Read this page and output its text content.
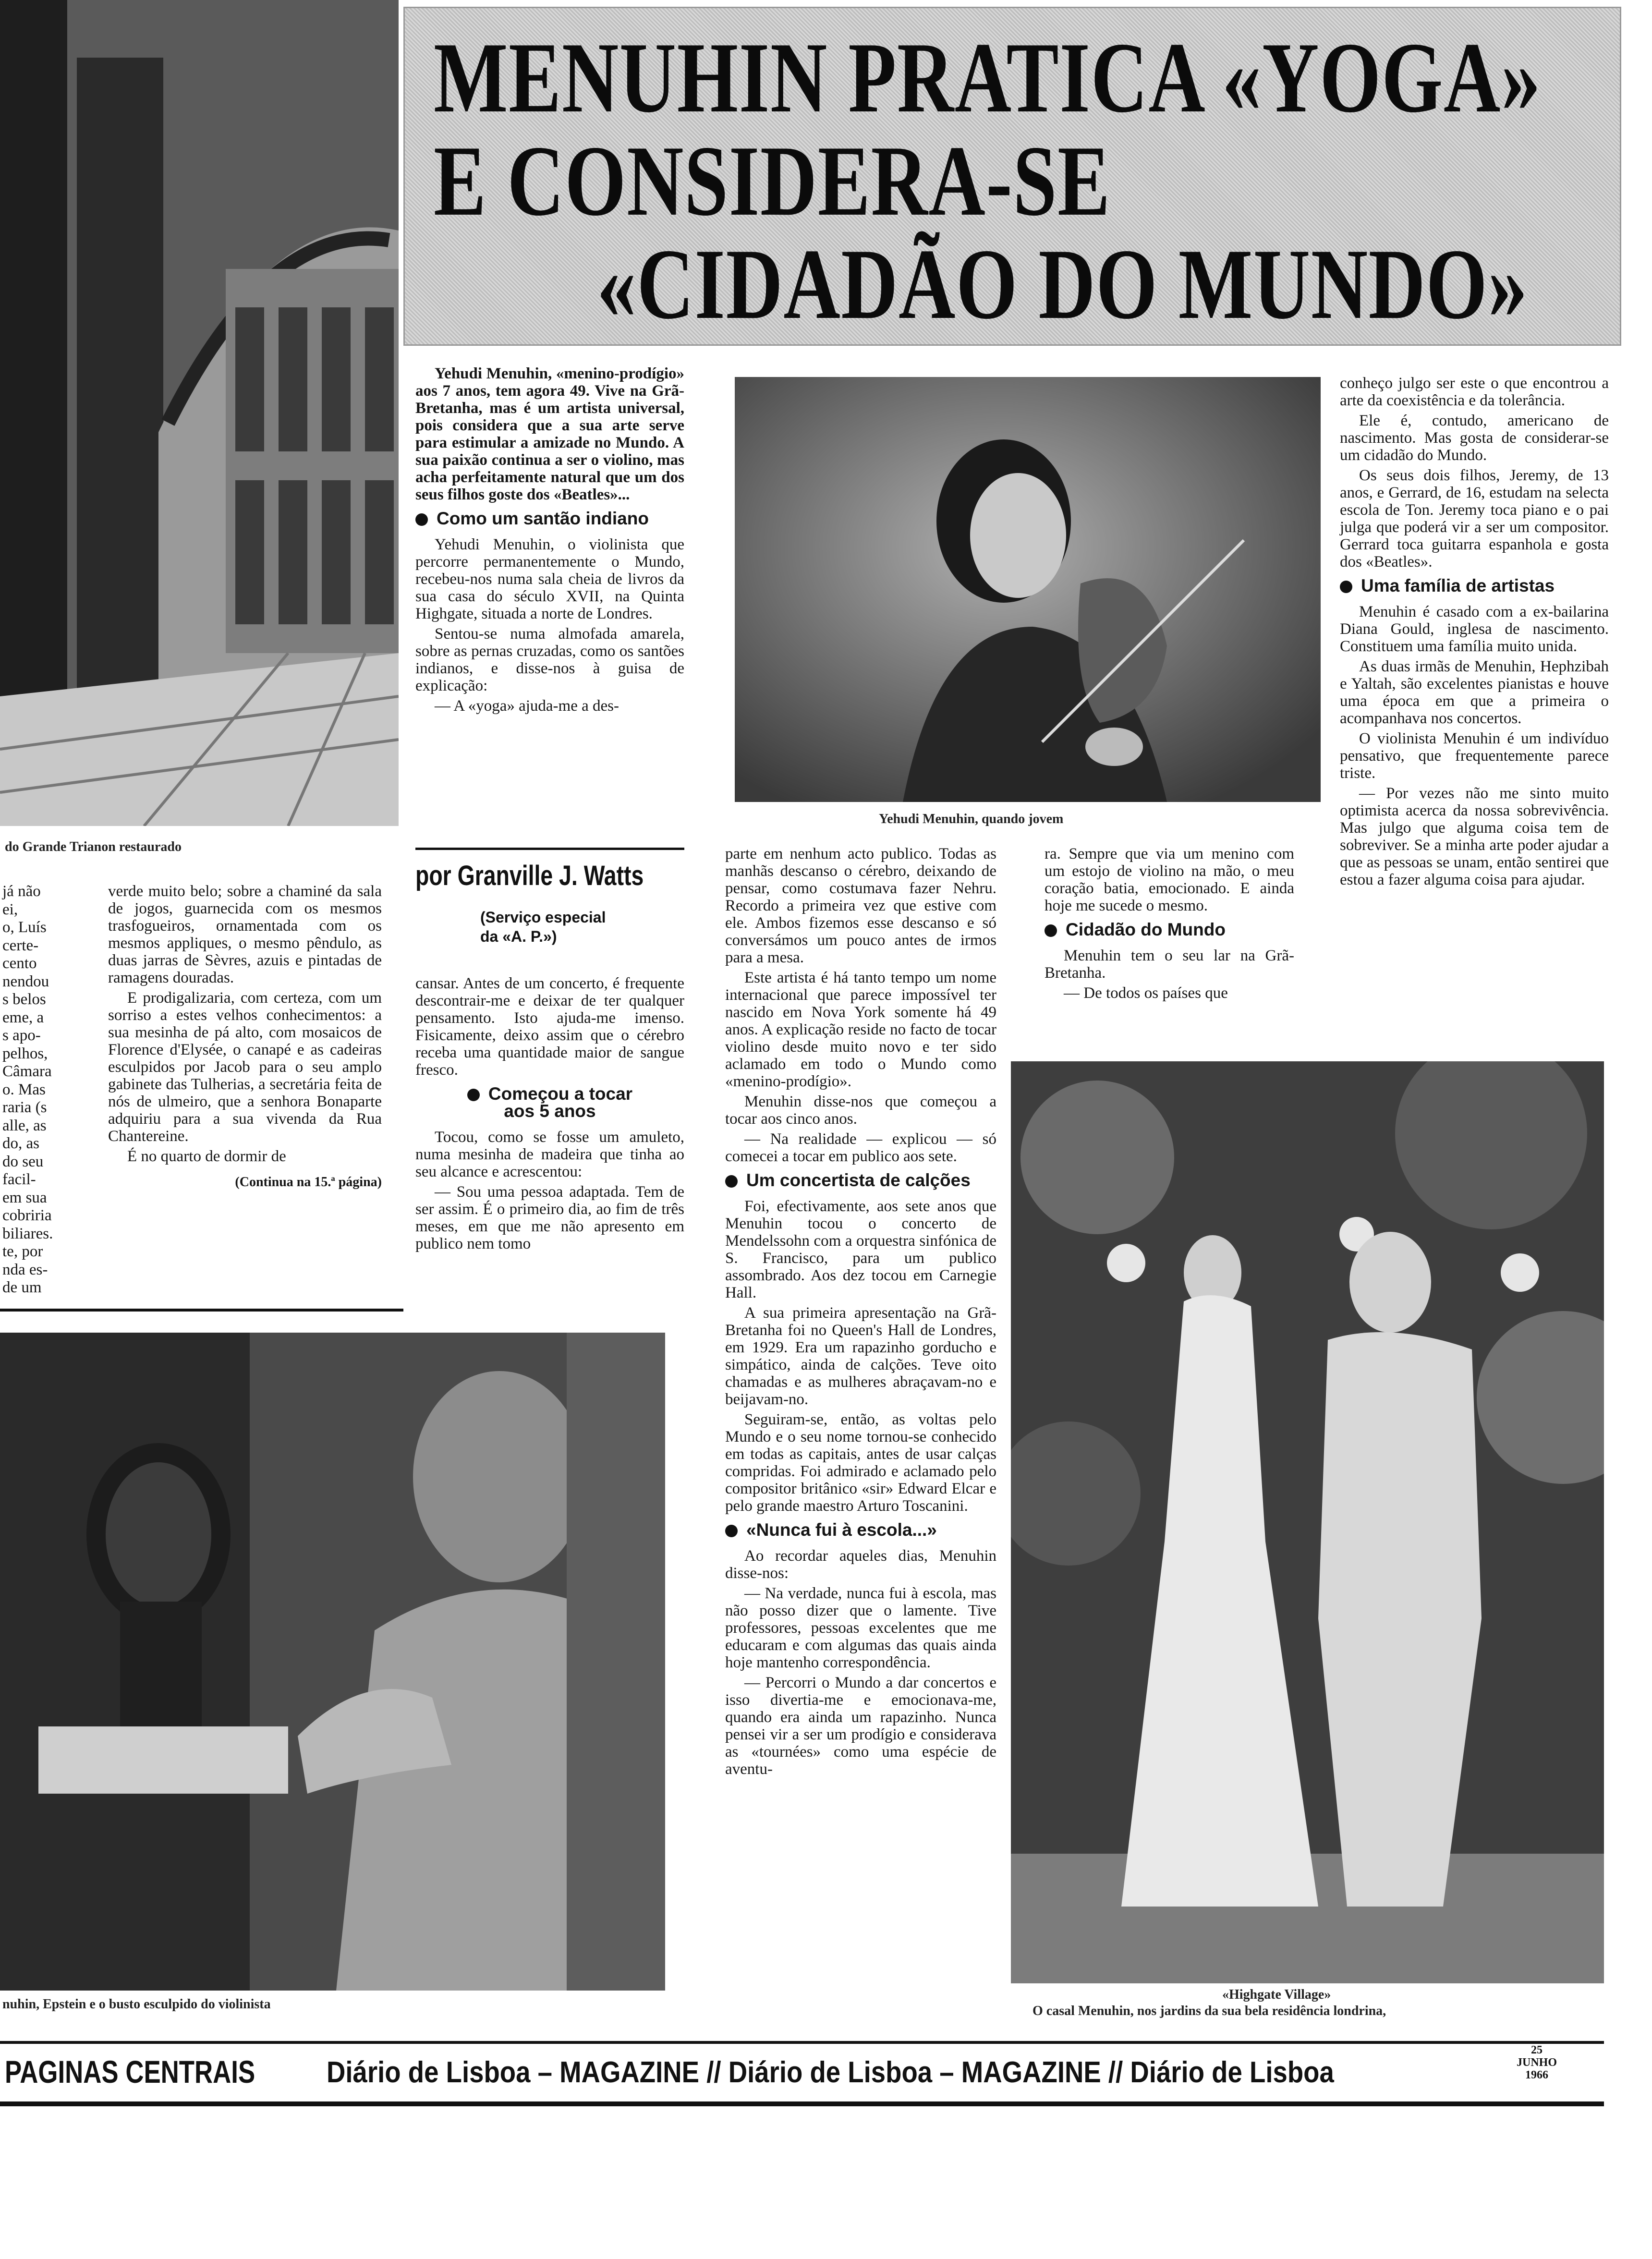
MENUHIN PRATICA «YOGA»
E CONSIDERA-SE
«CIDADÃO DO MUNDO»
do Grande Trianon restaurado
já não
ei,
o, Luís
certe-
cento
nendou
s belos
eme, a
s apo-
pelhos,
Câmara
o. Mas
raria (s
alle, as
do, as
do seu
facil-
em sua
cobriria
biliares.
te, por
nda es-
de um

verde muito belo; sobre a chaminé da sala de jogos, guarnecida com os mesmos trasfogueiros, ornamentada com os mesmos appliques, o mesmo pêndulo, as duas jarras de Sèvres, azuis e pintadas de ramagens douradas.

E prodigalizaria, com certeza, com um sorriso a estes velhos conhecimentos: a sua mesinha de pá alto, com mosaicos de Florence d'Elysée, o canapé e as cadeiras esculpidos por Jacob para o seu amplo gabinete das Tulherias, a secretária feita de nós de ulmeiro, que a senhora Bonaparte adquiriu para a sua vivenda da Rua Chantereine.

É no quarto de dormir de

(Continua na 15.ª página)
nuhin, Epstein e o busto esculpido do violinista

Yehudi Menuhin, «menino-prodígio» aos 7 anos, tem agora 49. Vive na Grã-Bretanha, mas é um artista universal, pois considera que a sua arte serve para estimular a amizade no Mundo. A sua paixão continua a ser o violino, mas acha perfeitamente natural que um dos seus filhos goste dos «Beatles»...

Como um santão indiano

Yehudi Menuhin, o violinista que percorre permanentemente o Mundo, recebeu-nos numa sala cheia de livros da sua casa do século XVII, na Quinta Highgate, situada a norte de Londres.

Sentou-se numa almofada amarela, sobre as pernas cruzadas, como os santões indianos, e disse-nos à guisa de explicação:

— A «yoga» ajuda-me a des-

por Granville J. Watts
(Serviço especial
da «A. P.»)

cansar. Antes de um concerto, é frequente descontrair-me e deixar de ter qualquer pensamento. Isto ajuda-me imenso. Fisicamente, deixo assim que o cérebro receba uma quantidade maior de sangue fresco.

Começou a tocar
aos 5 anos

Tocou, como se fosse um amuleto, numa mesinha de madeira que tinha ao seu alcance e acrescentou:

— Sou uma pessoa adaptada. Tem de ser assim. É o primeiro dia, ao fim de três meses, em que me não apresento em publico nem tomo

Yehudi Menuhin, quando jovem

parte em nenhum acto publico. Todas as manhãs descanso o cérebro, deixando de pensar, como costumava fazer Nehru. Recordo a primeira vez que estive com ele. Ambos fizemos esse descanso e só conversámos um pouco antes de irmos para a mesa.

Este artista é há tanto tempo um nome internacional que parece impossível ter nascido em Nova York somente há 49 anos. A explicação reside no facto de tocar violino desde muito novo e ter sido aclamado em todo o Mundo como «menino-prodígio».

Menuhin disse-nos que começou a tocar aos cinco anos.

— Na realidade — explicou — só comecei a tocar em publico aos sete.

Um concertista de calções

Foi, efectivamente, aos sete anos que Menuhin tocou o concerto de Mendelssohn com a orquestra sinfónica de S. Francisco, para um publico assombrado. Aos dez tocou em Carnegie Hall.

A sua primeira apresentação na Grã-Bretanha foi no Queen's Hall de Londres, em 1929. Era um rapazinho gorducho e simpático, ainda de calções. Teve oito chamadas e as mulheres abraçavam-no e beijavam-no.

Seguiram-se, então, as voltas pelo Mundo e o seu nome tornou-se conhecido em todas as capitais, antes de usar calças compridas. Foi admirado e aclamado pelo compositor britânico «sir» Edward Elcar e pelo grande maestro Arturo Toscanini.

«Nunca fui à escola...»

Ao recordar aqueles dias, Menuhin disse-nos:

— Na verdade, nunca fui à escola, mas não posso dizer que o lamente. Tive professores, pessoas excelentes que me educaram e com algumas das quais ainda hoje mantenho correspondência.

— Percorri o Mundo a dar concertos e isso divertia-me e emocionava-me, quando era ainda um rapazinho. Nunca pensei vir a ser um prodígio e considerava as «tournées» como uma espécie de aventu-

ra. Sempre que via um menino com um estojo de violino na mão, o meu coração batia, emocionado. E ainda hoje me sucede o mesmo.

Cidadão do Mundo

Menuhin tem o seu lar na Grã-Bretanha.

— De todos os países que

conheço julgo ser este o que encontrou a arte da coexistência e da tolerância.

Ele é, contudo, americano de nascimento. Mas gosta de considerar-se um cidadão do Mundo.

Os seus dois filhos, Jeremy, de 13 anos, e Gerrard, de 16, estudam na selecta escola de Ton. Jeremy toca piano e o pai julga que poderá vir a ser um compositor. Gerrard toca guitarra espanhola e gosta dos «Beatles».

Uma família de artistas

Menuhin é casado com a ex-bailarina Diana Gould, inglesa de nascimento. Constituem uma família muito unida.

As duas irmãs de Menuhin, Hephzibah e Yaltah, são excelentes pianistas e houve uma época em que a primeira o acompanhava nos concertos.

O violinista Menuhin é um indivíduo pensativo, que frequentemente parece triste.

— Por vezes não me sinto muito optimista acerca da nossa sobrevivência. Mas julgo que alguma coisa tem de sobreviver. Se a minha arte poder ajudar a que as pessoas se unam, então sentirei que estou a fazer alguma coisa para ajudar.

«Highgate Village»
O casal Menuhin, nos jardins da sua bela residência londrina,
PAGINAS CENTRAIS Diário de Lisboa – MAGAZINE // Diário de Lisboa – MAGAZINE // Diário de Lisboa
25
JUNHO
1966
